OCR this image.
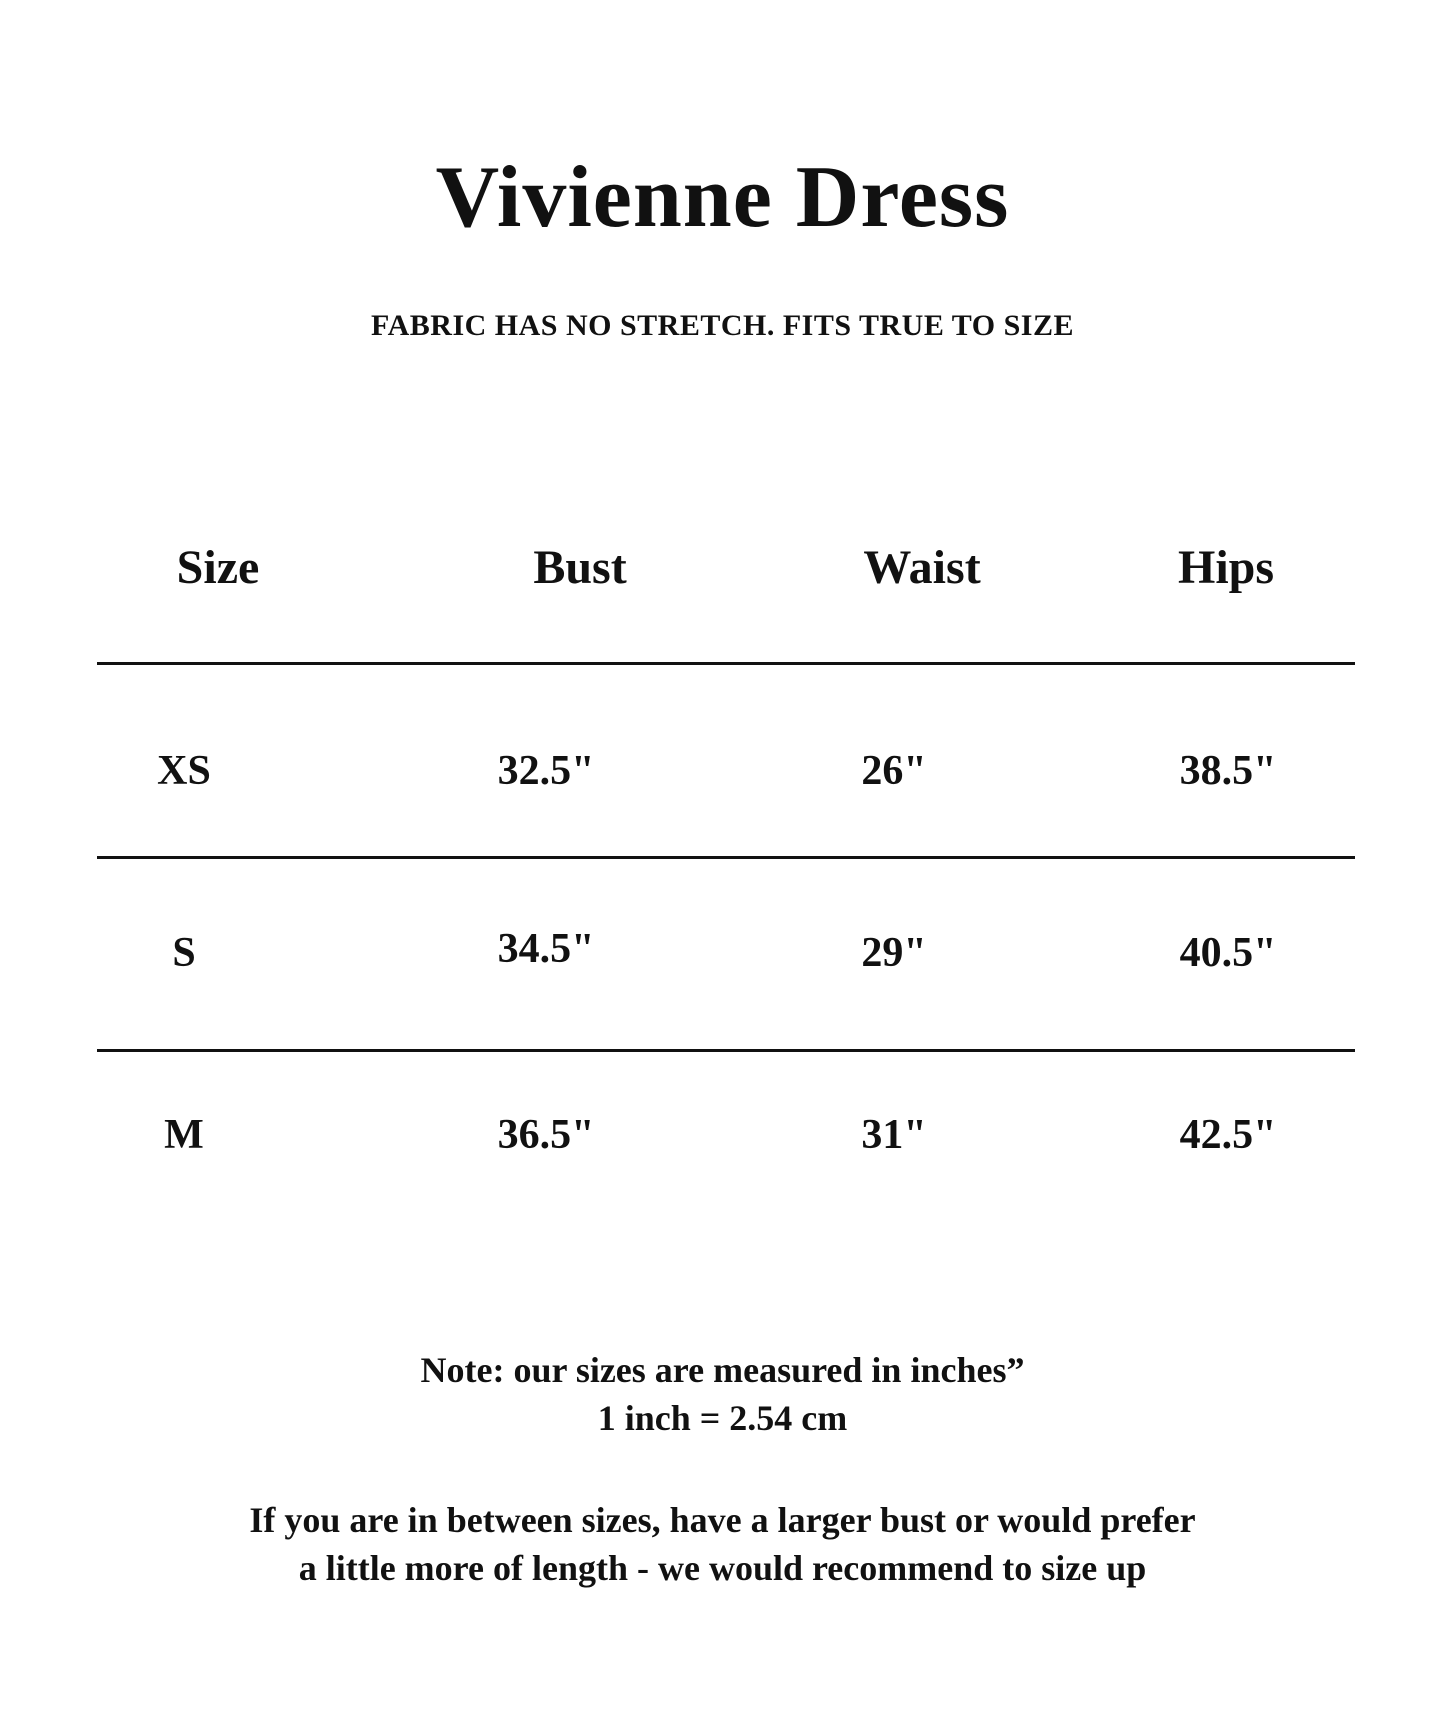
Vivienne Dress
FABRIC HAS NO STRETCH. FITS TRUE TO SIZE
Size	Bust	Waist	Hips
XS	32.5"	26"	38.5"
S	34.5"	29"	40.5"
M	36.5"	31"	42.5"
Note: our sizes are measured in inches”
1 inch = 2.54 cm
If you are in between sizes, have a larger bust or would prefer
a little more of length - we would recommend to size up
